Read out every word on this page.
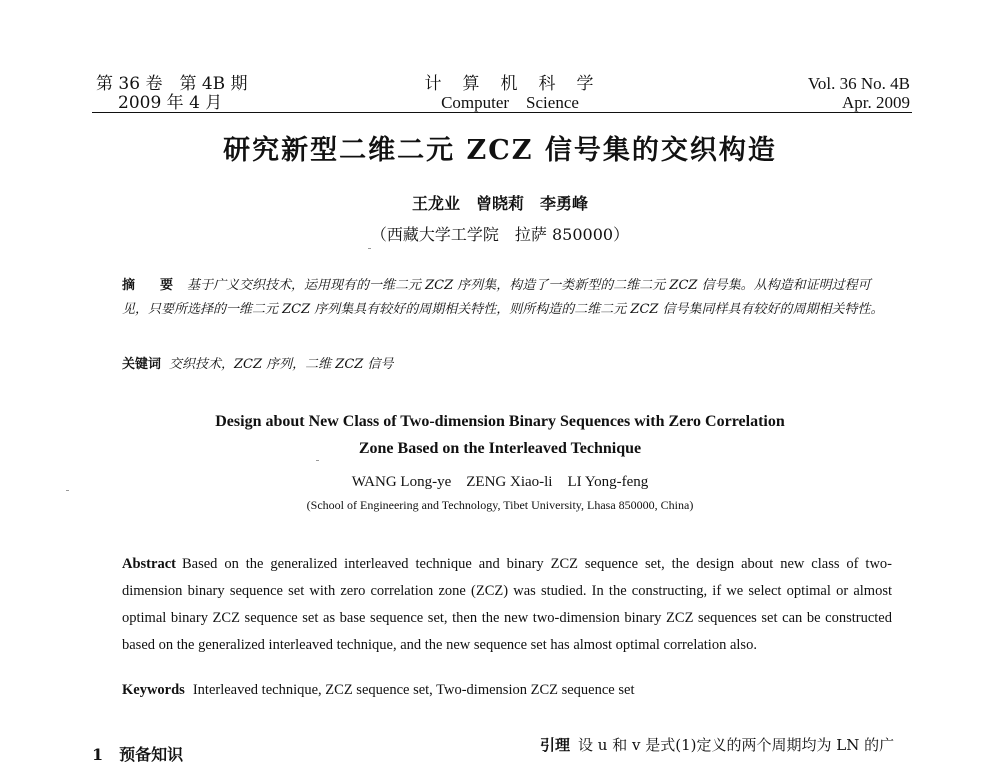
第 36 卷　第 4B 期
2009 年 4 月
计　算　机　科　学
Computer　Science
Vol. 36 No. 4B
Apr. 2009
研究新型二维二元 ZCZ 信号集的交织构造
王龙业　曾晓莉　李勇峰
（西藏大学工学院　拉萨 850000）
摘　要 基于广义交织技术，运用现有的一维二元 ZCZ 序列集，构造了一类新型的二维二元 ZCZ 信号集。从构造和证明过程可见，只要所选择的一维二元 ZCZ 序列集具有较好的周期相关特性，则所构造的二维二元 ZCZ 信号集同样具有较好的周期相关特性。
关键词 交织技术，ZCZ 序列，二维 ZCZ 信号
Design about New Class of Two-dimension Binary Sequences with Zero Correlation
Zone Based on the Interleaved Technique
WANG Long-ye　ZENG Xiao-li　LI Yong-feng
(School of Engineering and Technology, Tibet University, Lhasa 850000, China)
Abstract Based on the generalized interleaved technique and binary ZCZ sequence set, the design about new class of two-dimension binary sequence set with zero correlation zone (ZCZ) was studied. In the constructing, if we select optimal or almost optimal binary ZCZ sequence set as base sequence set, then the new two-dimension binary ZCZ sequences set can be constructed based on the generalized interleaved technique, and the new sequence set has almost optimal correlation also.
Keywords Interleaved technique, ZCZ sequence set, Two-dimension ZCZ sequence set
1　预备知识	引理 设 u 和 v 是式(1)定义的两个周期均为 LN 的广
